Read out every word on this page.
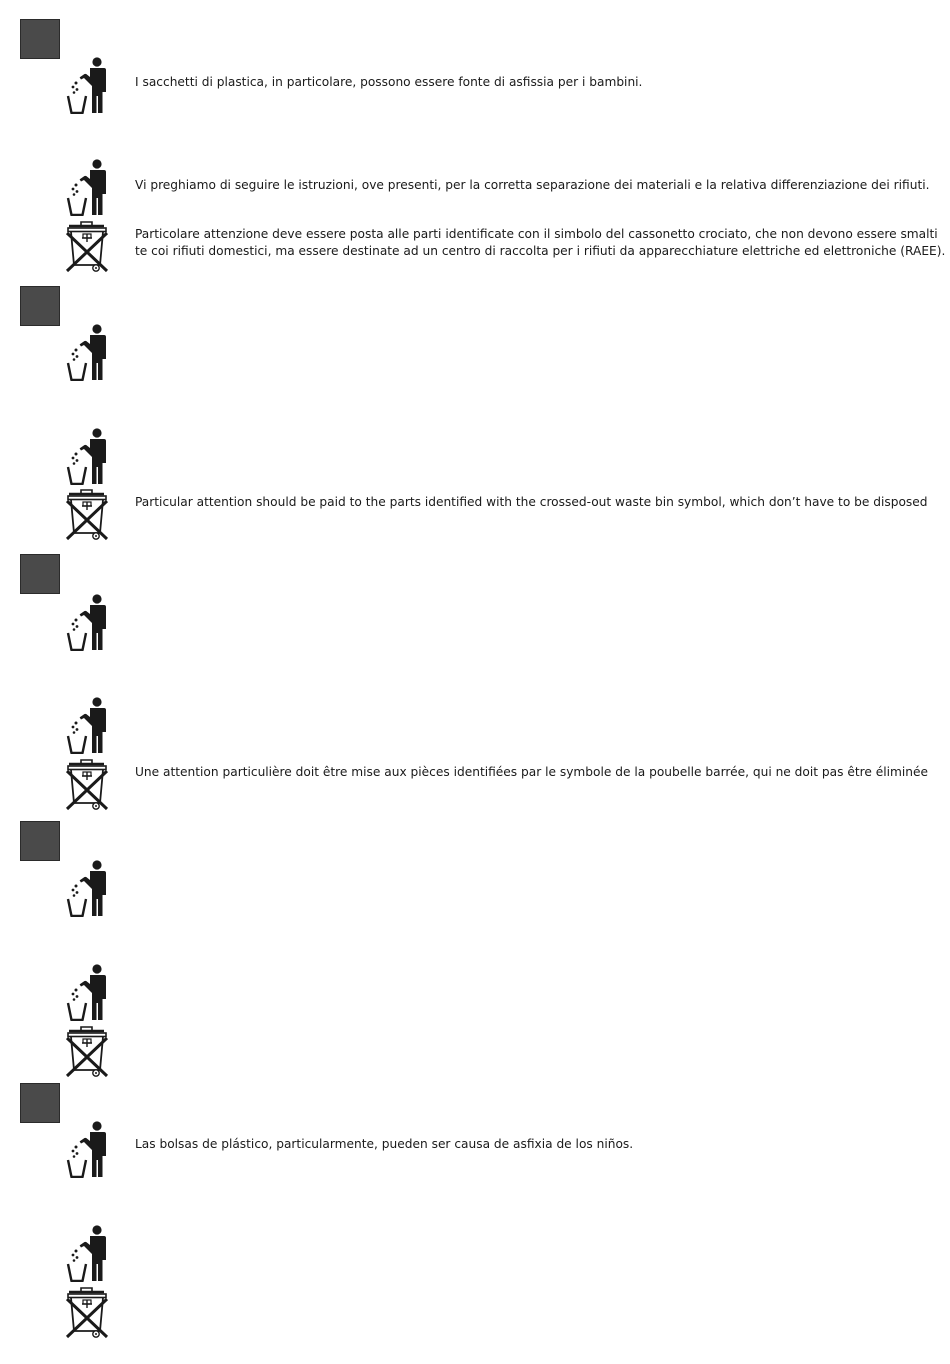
I sacchetti di plastica, in particolare, possono essere fonte di asfissia per i bambini.
Vi preghiamo di seguire le istruzioni, ove presenti, per la corretta separazione dei materiali e la relativa differenziazione dei rifiuti.
Particolare attenzione deve essere posta alle parti identificate con il simbolo del cassonetto crociato, che non devono essere smalti
te coi rifiuti domestici, ma essere destinate ad un centro di raccolta per i rifiuti da apparecchiature elettriche ed elettroniche (RAEE).
Particular attention should be paid to the parts identified with the crossed-out waste bin symbol, which don’t have to be disposed
Une attention particulière doit être mise aux pièces identifiées par le symbole de la poubelle barrée, qui ne doit pas être éliminée
Las bolsas de plástico, particularmente, pueden ser causa de asfixia de los niños.
